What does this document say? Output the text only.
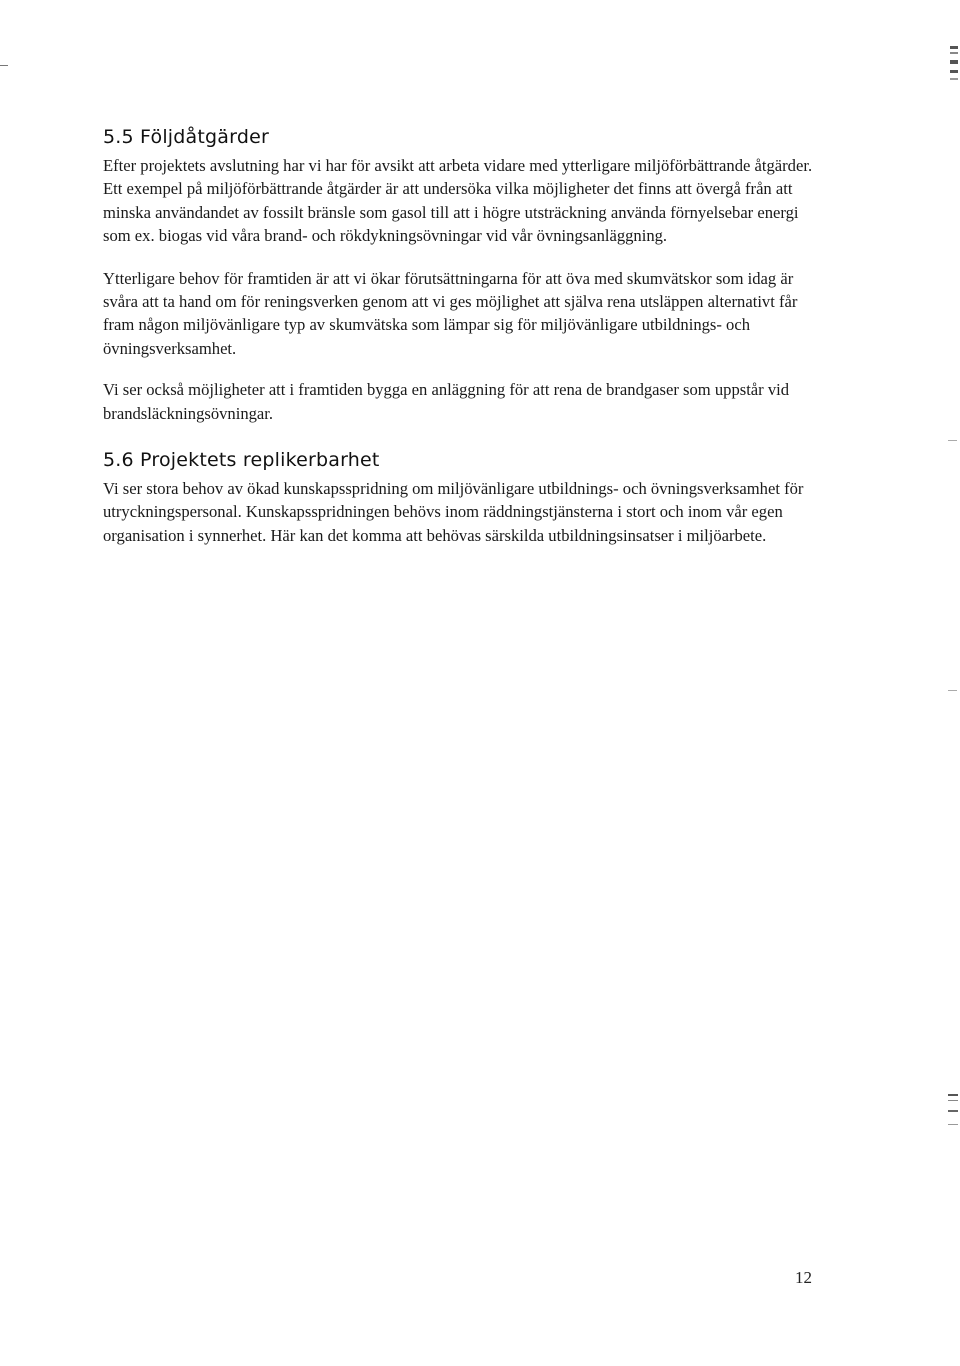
5.5 Följdåtgärder

Efter projektets avslutning har vi har för avsikt att arbeta vidare med ytterligare miljöförbättrande åtgärder. Ett exempel på miljöförbättrande åtgärder är att undersöka vilka möjligheter det finns att övergå från att minska användandet av fossilt bränsle som gasol till att i högre utsträckning använda förnyelsebar energi som ex. biogas vid våra brand- och rökdykningsövningar vid vår övningsanläggning.

Ytterligare behov för framtiden är att vi ökar förutsättningarna för att öva med skumvätskor som idag är svåra att ta hand om för reningsverken genom att vi ges möjlighet att själva rena utsläppen alternativt får fram någon miljövänligare typ av skumvätska som lämpar sig för miljövänligare utbildnings- och övningsverksamhet.

Vi ser också möjligheter att i framtiden bygga en anläggning för att rena de brandgaser som uppstår vid brandsläckningsövningar.

5.6 Projektets replikerbarhet

Vi ser stora behov av ökad kunskapsspridning om miljövänligare utbildnings- och övningsverksamhet för utryckningspersonal. Kunskapsspridningen behövs inom räddningstjänsterna i stort och inom vår egen organisation i synnerhet. Här kan det komma att behövas särskilda utbildningsinsatser i miljöarbete.

12
